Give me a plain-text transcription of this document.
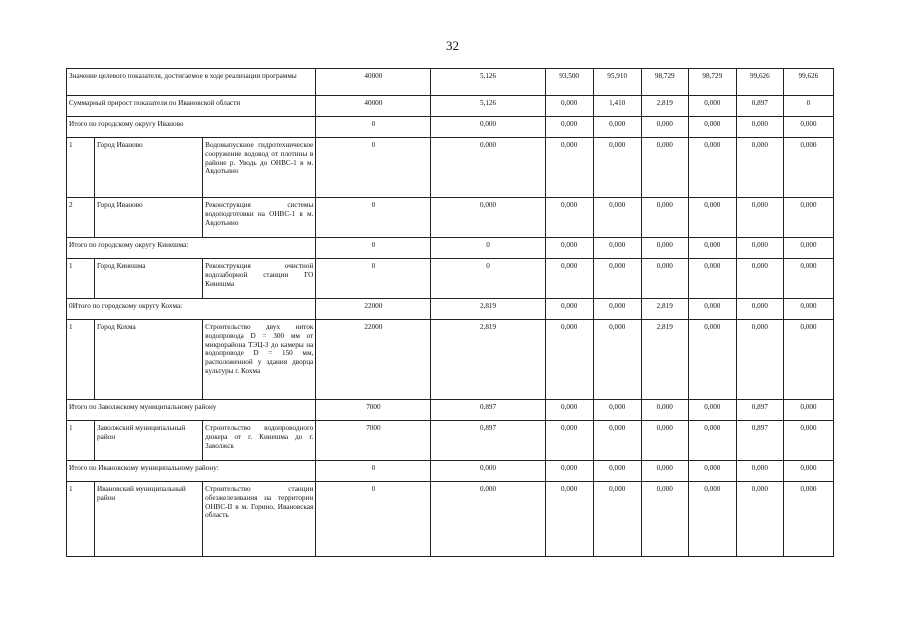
32
Значение целевого показателя, достигаемое в ходе реализации программы			40000	5,126	93,500	95,910	98,729	98,729	99,626	99,626
Суммарный прирост показателя по Ивановской области			40000	5,126	0,000	1,410	2,819	0,000	0,897	0
Итого по городскому округу Иваново			0	0,000	0,000	0,000	0,000	0,000	0,000	0,000
1	Город Иваново	Водовыпускное гидротехническое сооружение водовод от плотины в районе р. Уводь до ОНВС-1 в м. Авдотьино	0	0,000	0,000	0,000	0,000	0,000	0,000	0,000
2	Город Иваново	Реконструкция системы водоподготовки на ОНВС-1 в м. Авдотьино	0	0,000	0,000	0,000	0,000	0,000	0,000	0,000
Итого по городскому округу Кинешма:			0	0	0,000	0,000	0,000	0,000	0,000	0,000
1	Город Кинешма	Реконструкция очистной водозаборной станции ГО Кинешма	0	0	0,000	0,000	0,000	0,000	0,000	0,000
0Итого по городскому округу Кохма:			22000	2,819	0,000	0,000	2,819	0,000	0,000	0,000
1	Город Кохма	Строительство двух ниток водопровода D = 300 мм от микрорайона ТЭЦ-3 до камеры на водопроводе D = 150 мм, расположенной у здания дворца культуры г. Кохма	22000	2,819	0,000	0,000	2,819	0,000	0,000	0,000
Итого по Заволжскому муниципальному району			7000	0,897	0,000	0,000	0,000	0,000	0,897	0,000
1	Заволжский муниципальный район	Строительство водопроводного дюкера от г. Кинешма до г. Заволжск	7000	0,897	0,000	0,000	0,000	0,000	0,897	0,000
Итого по Ивановскому муниципальному району:			0	0,000	0,000	0,000	0,000	0,000	0,000	0,000
1	Ивановский муниципальный район	Строительство станции обезжелезивания на территории ОНВС-II в м. Горино, Ивановская область	0	0,000	0,000	0,000	0,000	0,000	0,000	0,000
